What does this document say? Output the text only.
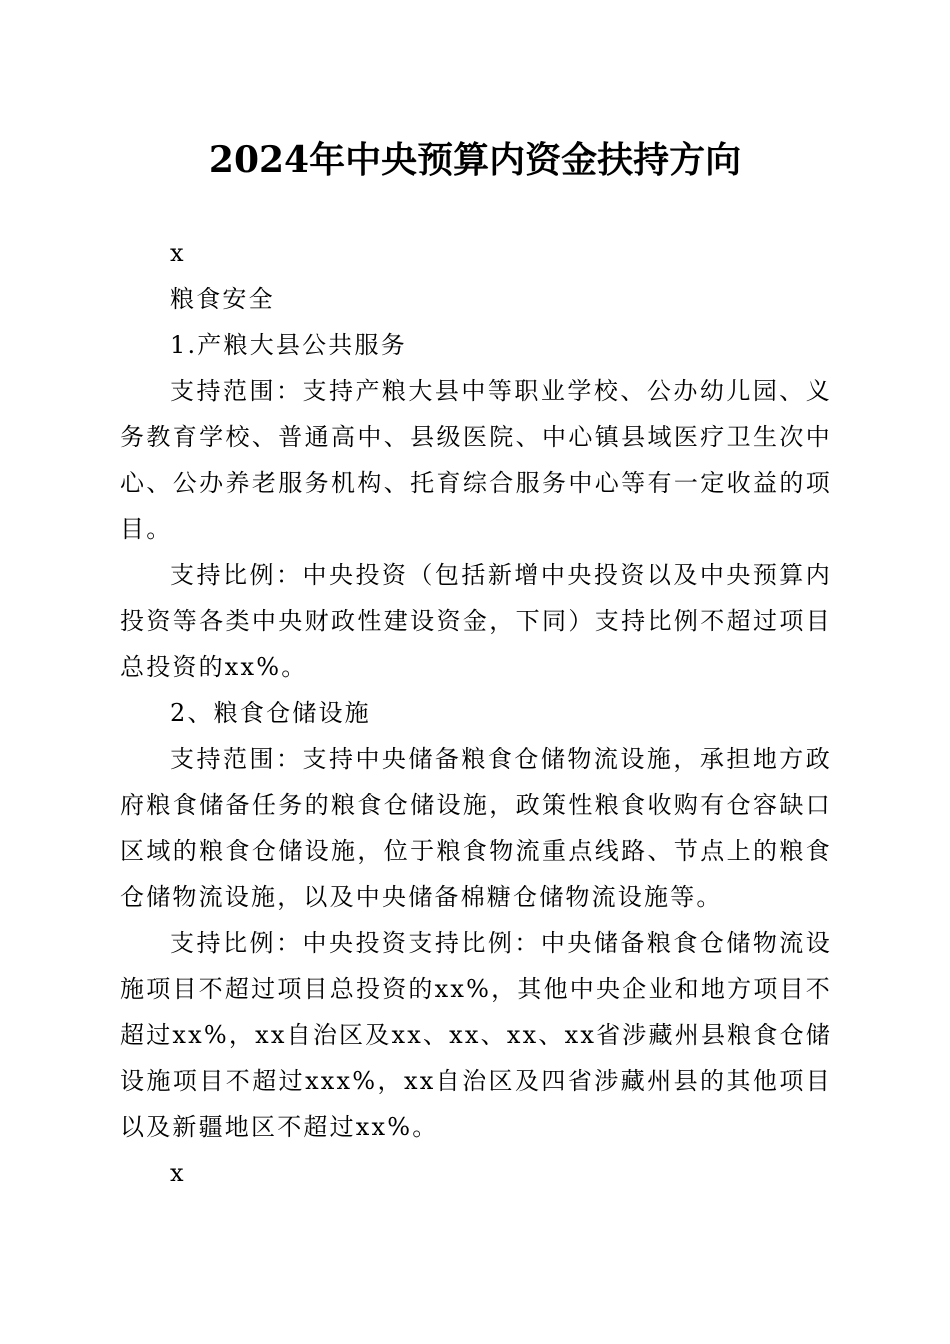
2024年中央预算内资金扶持方向

x

粮食安全

1.产粮大县公共服务

支持范围：支持产粮大县中等职业学校、公办幼儿园、义务教育学校、普通高中、县级医院、中心镇县域医疗卫生次中心、公办养老服务机构、托育综合服务中心等有一定收益的项目。

支持比例：中央投资（包括新增中央投资以及中央预算内投资等各类中央财政性建设资金，下同）支持比例不超过项目总投资的xx%。

2、粮食仓储设施

支持范围：支持中央储备粮食仓储物流设施，承担地方政府粮食储备任务的粮食仓储设施，政策性粮食收购有仓容缺口区域的粮食仓储设施，位于粮食物流重点线路、节点上的粮食仓储物流设施，以及中央储备棉糖仓储物流设施等。

支持比例：中央投资支持比例：中央储备粮食仓储物流设施项目不超过项目总投资的xx%，其他中央企业和地方项目不超过xx%，xx自治区及xx、xx、xx、xx省涉藏州县粮食仓储设施项目不超过xxx%，xx自治区及四省涉藏州县的其他项目以及新疆地区不超过xx%。

x
